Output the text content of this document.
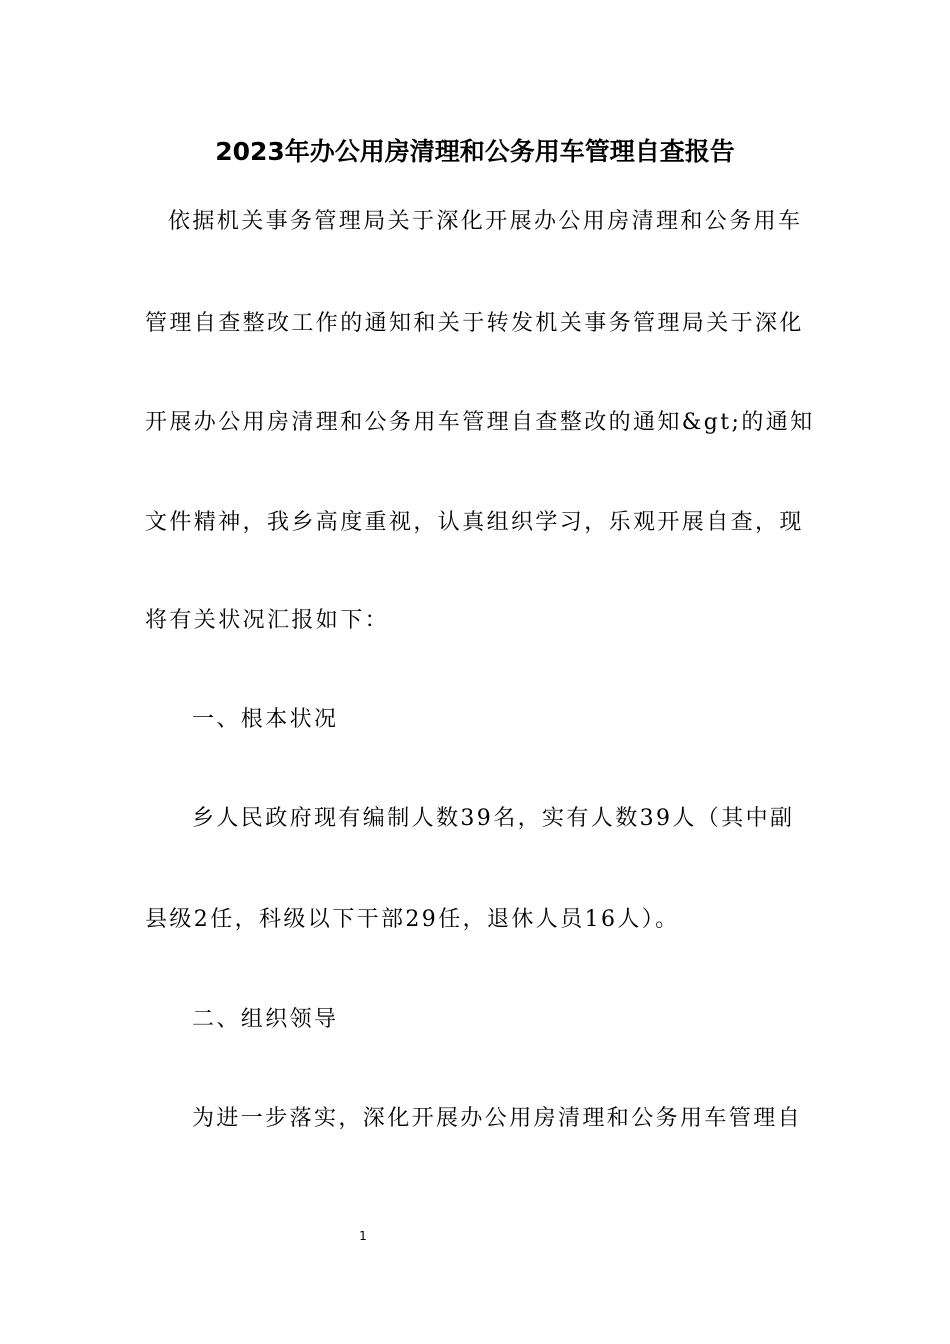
2023年办公用房清理和公务用车管理自查报告
依据机关事务管理局关于深化开展办公用房清理和公务用车
管理自查整改工作的通知和关于转发机关事务管理局关于深化
开展办公用房清理和公务用车管理自查整改的通知&gt;的通知
文件精神，我乡高度重视，认真组织学习，乐观开展自查，现
将有关状况汇报如下：
一、根本状况
乡人民政府现有编制人数39名，实有人数39人（其中副
县级2任，科级以下干部29任，退休人员16人）。
二、组织领导
为进一步落实，深化开展办公用房清理和公务用车管理自
1
